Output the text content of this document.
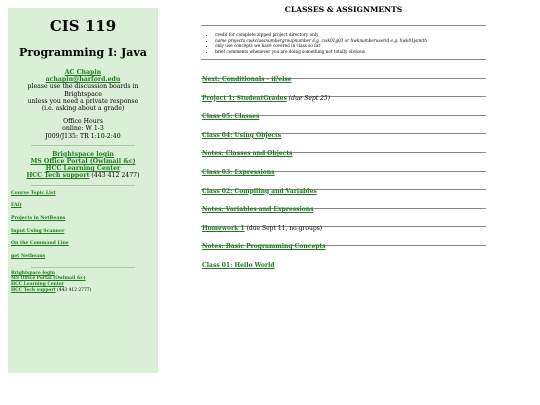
CIS 119
Programming I: Java
AC Chapin
achapin@harford.edu
please use the discussion boards in Brightspace
unless you need a private response
(i.e. asking about a grade)
Office Hours
online: W 1-3
J009/J135: TR 1:10-2:40
Brightspace login
MS Office Portal (Owlmail &c)
HCC Learning Center
HCC Tech support (443 412 2477)
Course Topic List
FAQ
Projects in NetBeans
Input Using Scanner
On the Command Line
get Netbeans
Brightspace login
MS Office Portal (Owlmail &c)
HCC Learning Center
HCC Tech support (443 412 2777)
CLASSES & ASSIGNMENTS
• credit for complete zipped project directory only
• name projects cwkclassnumbergroupnumber e.g. cwk01g03 or hwknumberuserid e.g. hwk01jsmith
• only use concepts we have covered in class so far
• brief comments whenever you are doing something not totally obvious
Next: Conditionals - if/else
Project 1: StudentGrades (due Sept 25)
Class 05: Classes
Class 04: Using Objects
Notes: Classes and Objects
Class 03: Expressions
Class 02: Compiling and Variables
Notes: Variables and Expressions
Homework 1 (due Sept 11, no groups)
Notes: Basic Programming Concepts
Class 01: Hello World
